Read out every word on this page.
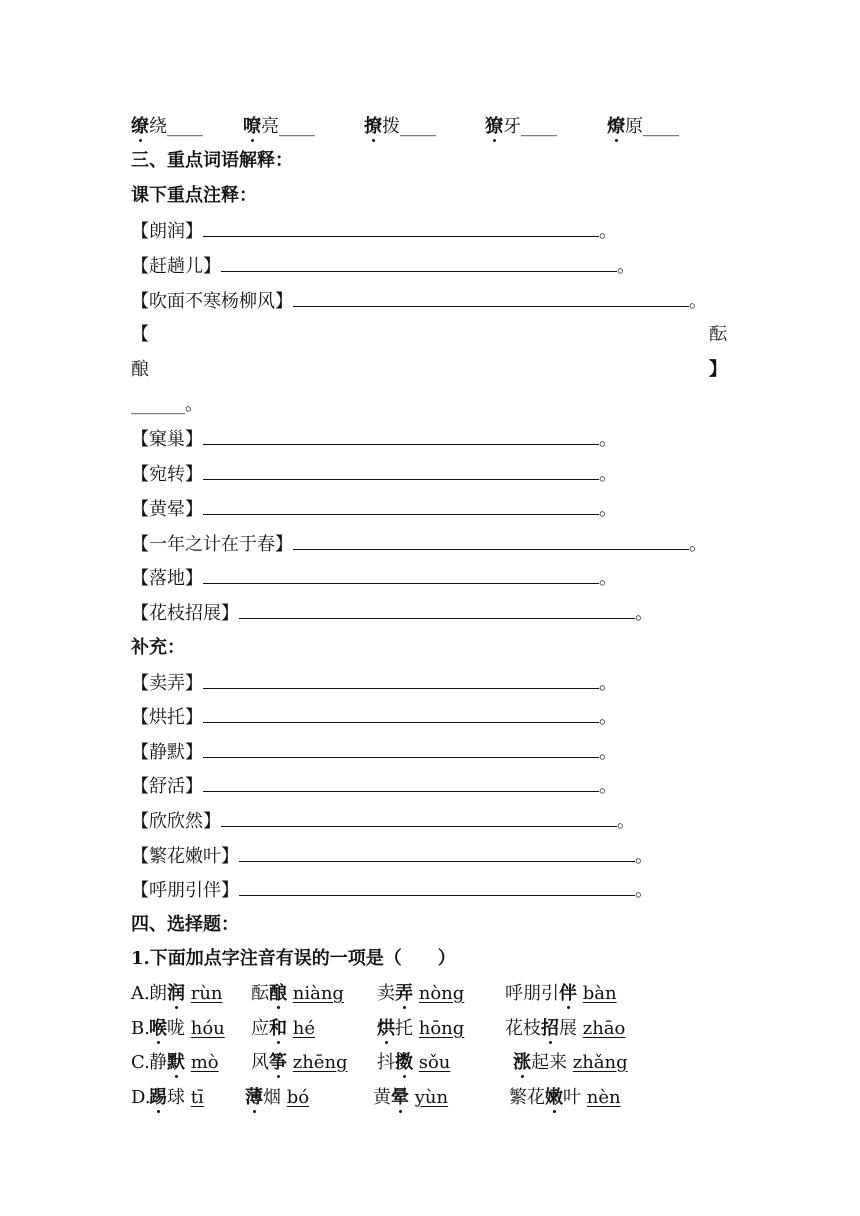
缭绕____ 嘹亮____	撩拨____	獠牙____	燎原____
三、重点词语解释：
课下重点注释：
【朗润】	。
【赶趟儿】	。
【吹面不寒杨柳风】	。
【	酝
酿	】
______。
【窠巢】	。
【宛转】	。
【黄晕】	。
【一年之计在于春】	。
【落地】	。
【花枝招展】	。
补充：
【卖弄】	。
【烘托】	。
【静默】	。
【舒活】	。
【欣欣然】	。
【繁花嫩叶】	。
【呼朋引伴】	。
四、选择题：
1.下面加点字注音有误的一项是（　　）
A. 朗润 rùn 酝酿 niàng 卖弄 nòng 呼朋引伴 bàn
B. 喉咙 hóu 应和 hé	烘托 hōng 花枝招展 zhāo
C. 静默 mò 风筝 zhēng 抖擞 sǒu	涨起来 zhǎng
D.
踢球 tī 薄烟 bó	黄晕 yùn	繁花嫩叶 nèn
